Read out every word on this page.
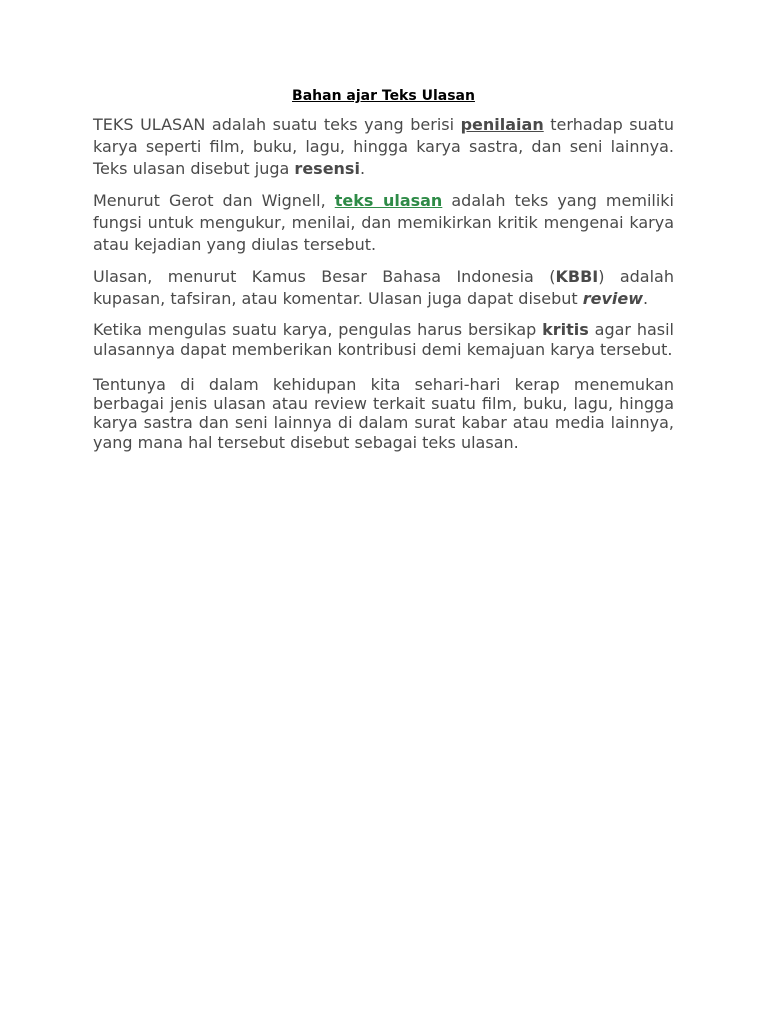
Bahan ajar Teks Ulasan

TEKS ULASAN adalah suatu teks yang berisi penilaian terhadap suatu karya seperti film, buku, lagu, hingga karya sastra, dan seni lainnya. Teks ulasan disebut juga resensi.

Menurut Gerot dan Wignell, teks ulasan adalah teks yang memiliki fungsi untuk mengukur, menilai, dan memikirkan kritik mengenai karya atau kejadian yang diulas tersebut.

Ulasan, menurut Kamus Besar Bahasa Indonesia (KBBI) adalah kupasan, tafsiran, atau komentar. Ulasan juga dapat disebut review.

Ketika mengulas suatu karya, pengulas harus bersikap kritis agar hasil ulasannya dapat memberikan kontribusi demi kemajuan karya tersebut.

Tentunya di dalam kehidupan kita sehari-hari kerap menemukan berbagai jenis ulasan atau review terkait suatu film, buku, lagu, hingga karya sastra dan seni lainnya di dalam surat kabar atau media lainnya, yang mana hal tersebut disebut sebagai teks ulasan.
